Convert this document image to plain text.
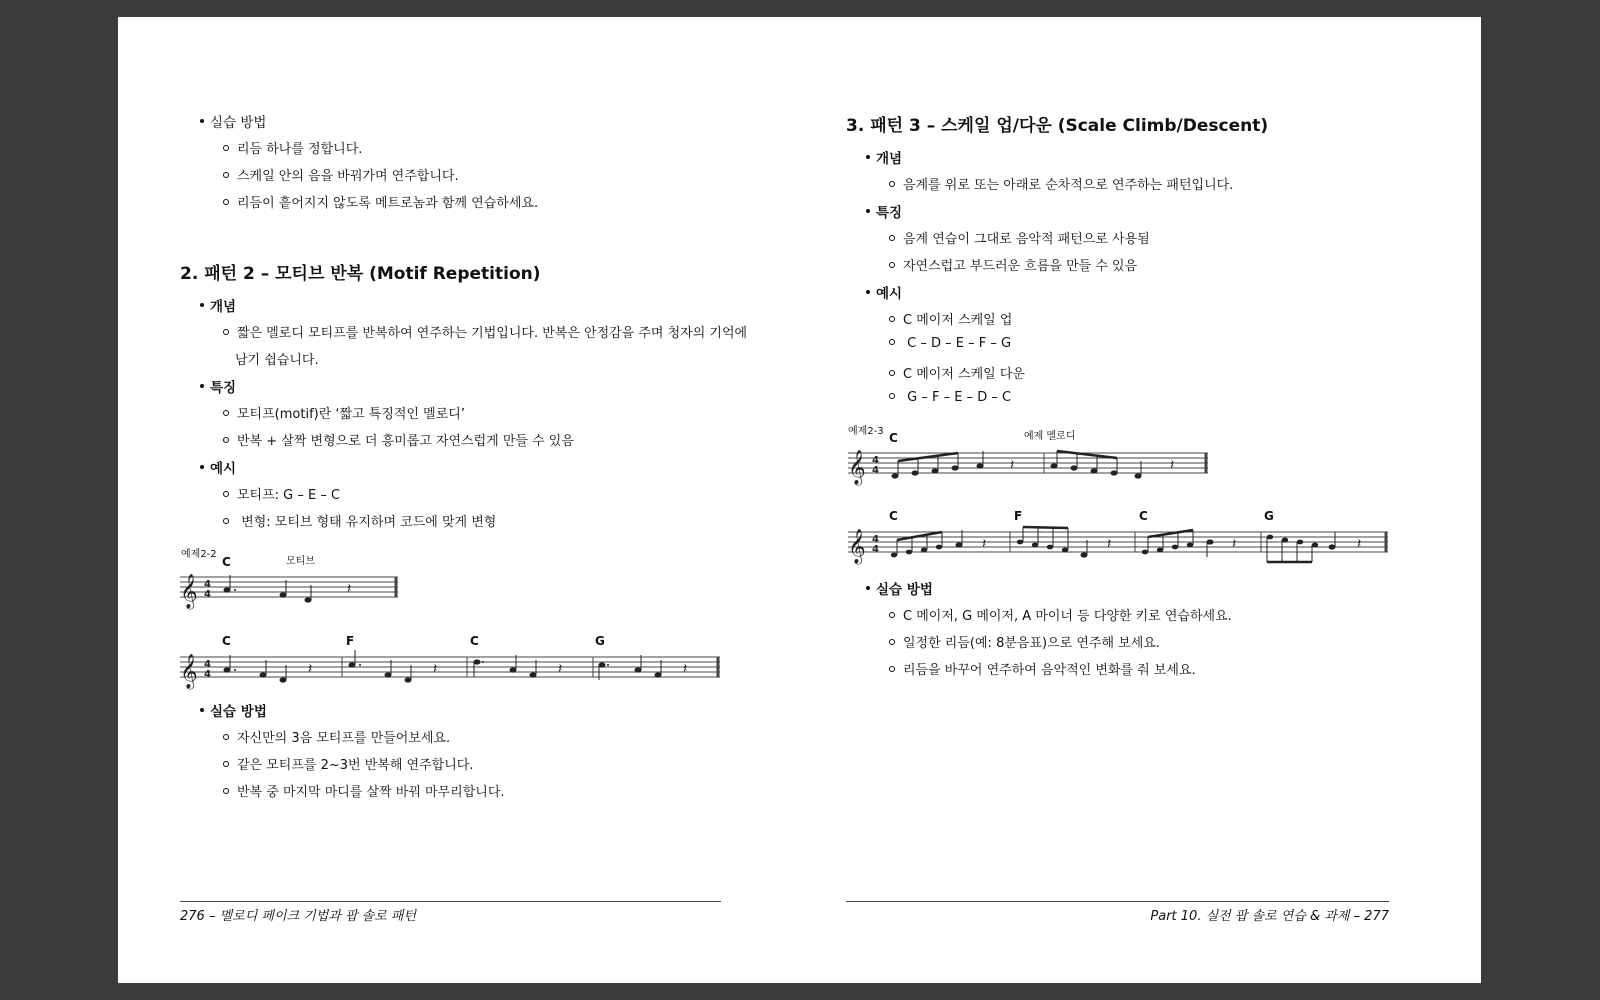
실습 방법
리듬 하나를 정합니다.
스케일 안의 음을 바꿔가며 연주합니다.
리듬이 흩어지지 않도록 메트로놈과 함께 연습하세요.
2. 패턴 2 – 모티브 반복 (Motif Repetition)
개념
짧은 멜로디 모티프를 반복하여 연주하는 기법입니다. 반복은 안정감을 주며 청자의 기억에
남기 쉽습니다.
특징
모티프(motif)란 ‘짧고 특징적인 멜로디’
반복 + 살짝 변형으로 더 흥미롭고 자연스럽게 만들 수 있음
예시
모티프: G – E – C
변형: 모티브 형태 유지하며 코드에 맞게 변형
예제2-2
C	모티브
𝄞 4
4	𝄽
C	F	C	G
𝄞 4
4	𝄽	𝄽	𝄽	𝄽
실습 방법
자신만의 3음 모티프를 만들어보세요.
같은 모티프를 2~3번 반복해 연주합니다.
반복 중 마지막 마디를 살짝 바꿔 마무리합니다.
276 – 멜로디 페이크 기법과 팝 솔로 패턴
3. 패턴 3 – 스케일 업/다운 (Scale Climb/Descent)
개념
음계를 위로 또는 아래로 순차적으로 연주하는 패턴입니다.
특징
음계 연습이 그대로 음악적 패턴으로 사용됨
자연스럽고 부드러운 흐름을 만들 수 있음
예시
C 메이저 스케일 업
C – D – E – F – G
C 메이저 스케일 다운
G – F – E – D – C
예제2-3 C	예제 멜로디
𝄞 4
4	𝄽	𝄽
C	F	C	G
𝄞 4
4	𝄽	𝄽	𝄽	𝄽
실습 방법
C 메이저, G 메이저, A 마이너 등 다양한 키로 연습하세요.
일정한 리듬(예: 8분음표)으로 연주해 보세요.
리듬을 바꾸어 연주하여 음악적인 변화를 줘 보세요.
Part 10. 실전 팝 솔로 연습 & 과제 – 277
